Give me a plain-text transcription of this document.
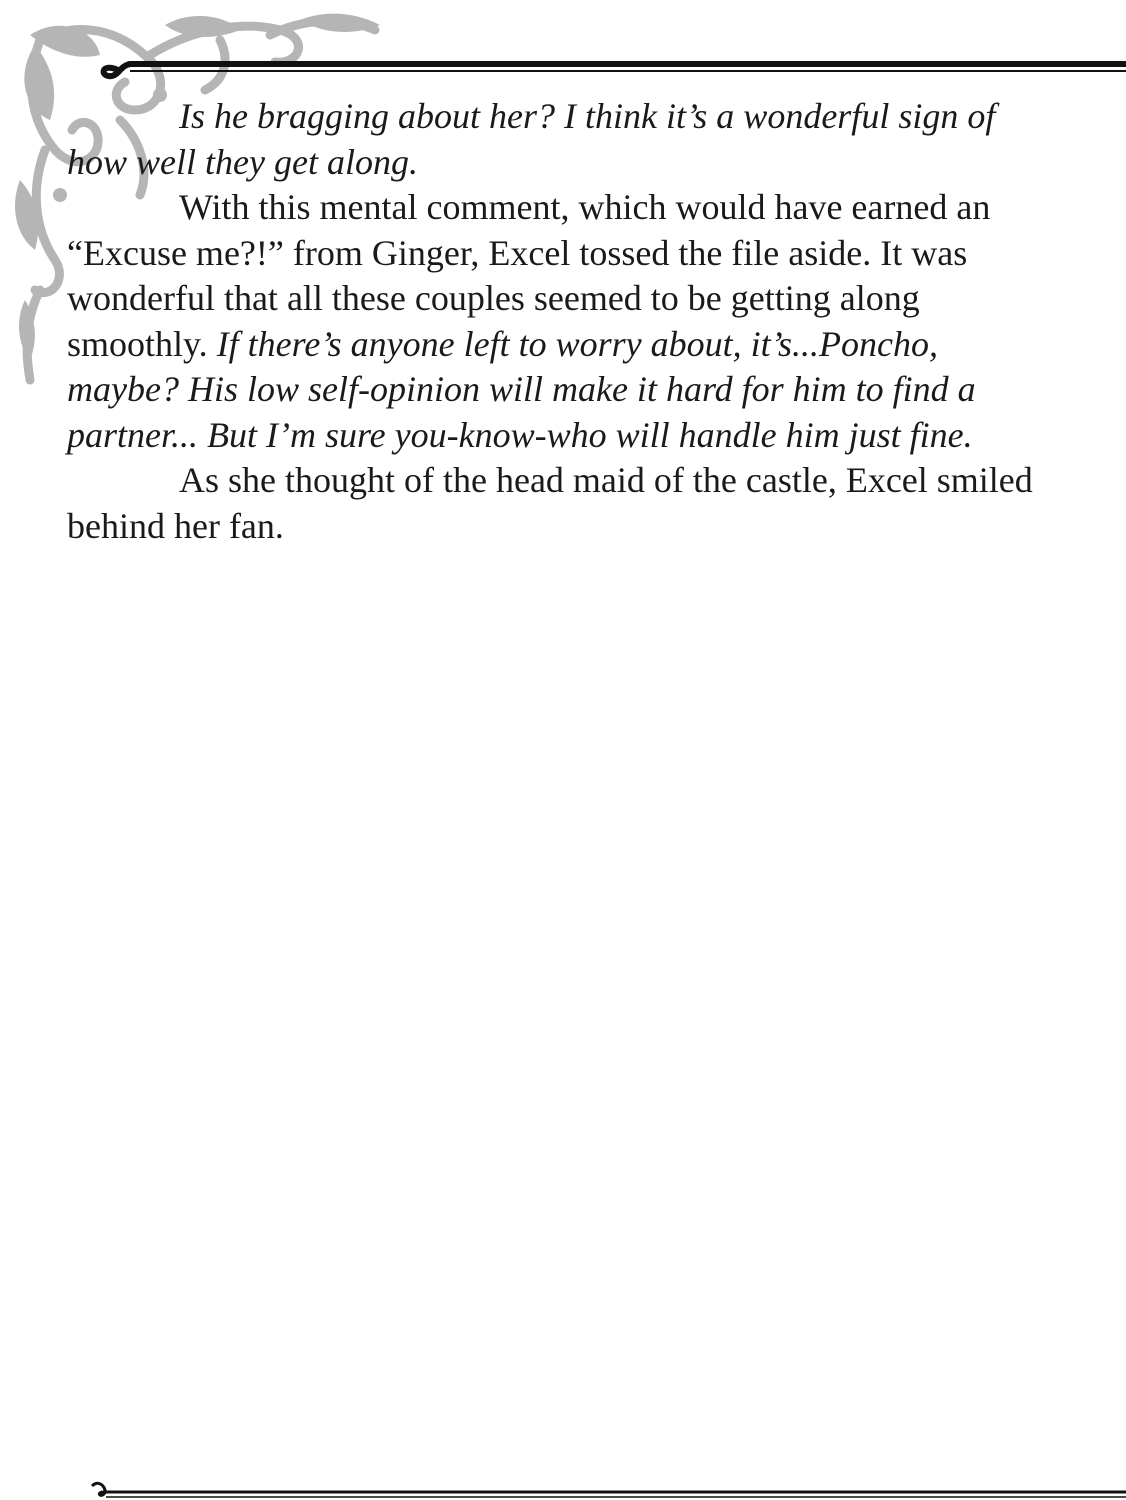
Is he bragging about her? I think it’s a wonderful sign of how well they get along.

With this mental comment, which would have earned an “Excuse me?!” from Ginger, Excel tossed the file aside. It was wonderful that all these couples seemed to be getting along smoothly. If there’s anyone left to worry about, it’s...Poncho, maybe? His low self-opinion will make it hard for him to find a partner... But I’m sure you-know-who will handle him just fine.

As she thought of the head maid of the castle, Excel smiled behind her fan.
